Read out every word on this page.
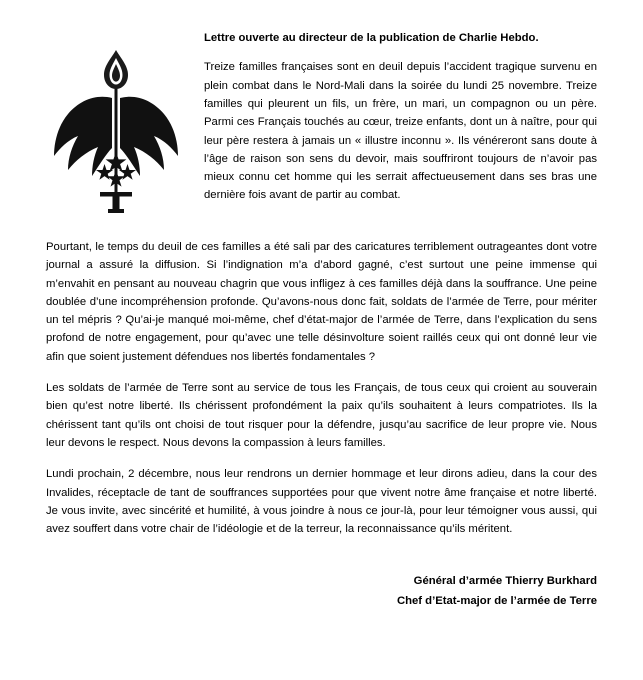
Lettre ouverte au directeur de la publication de Charlie Hebdo.

Treize familles françaises sont en deuil depuis l’accident tragique survenu en plein combat dans le Nord-Mali dans la soirée du lundi 25 novembre. Treize familles qui pleurent un fils, un frère, un mari, un compagnon ou un père. Parmi ces Français touchés au cœur, treize enfants, dont un à naître, pour qui leur père restera à jamais un « illustre inconnu ». Ils vénéreront sans doute à l’âge de raison son sens du devoir, mais souffriront toujours de n’avoir pas mieux connu cet homme qui les serrait affectueusement dans ses bras une dernière fois avant de partir au combat.

Pourtant, le temps du deuil de ces familles a été sali par des caricatures terriblement outrageantes dont votre journal a assuré la diffusion. Si l’indignation m’a d’abord gagné, c’est surtout une peine immense qui m’envahit en pensant au nouveau chagrin que vous infligez à ces familles déjà dans la souffrance. Une peine doublée d’une incompréhension profonde. Qu’avons-nous donc fait, soldats de l’armée de Terre, pour mériter un tel mépris ? Qu’ai-je manqué moi-même, chef d’état-major de l’armée de Terre, dans l’explication du sens profond de notre engagement, pour qu’avec une telle désinvolture soient raillés ceux qui ont donné leur vie afin que soient justement défendues nos libertés fondamentales ?

Les soldats de l’armée de Terre sont au service de tous les Français, de tous ceux qui croient au souverain bien qu’est notre liberté. Ils chérissent profondément la paix qu’ils souhaitent à leurs compatriotes. Ils la chérissent tant qu’ils ont choisi de tout risquer pour la défendre, jusqu’au sacrifice de leur propre vie. Nous leur devons le respect. Nous devons la compassion à leurs familles.

Lundi prochain, 2 décembre, nous leur rendrons un dernier hommage et leur dirons adieu, dans la cour des Invalides, réceptacle de tant de souffrances supportées pour que vivent notre âme française et notre liberté. Je vous invite, avec sincérité et humilité, à vous joindre à nous ce jour-là, pour leur témoigner vous aussi, qui avez souffert dans votre chair de l’idéologie et de la terreur, la reconnaissance qu’ils méritent.

Général d’armée Thierry Burkhard
Chef d’Etat-major de l’armée de Terre
